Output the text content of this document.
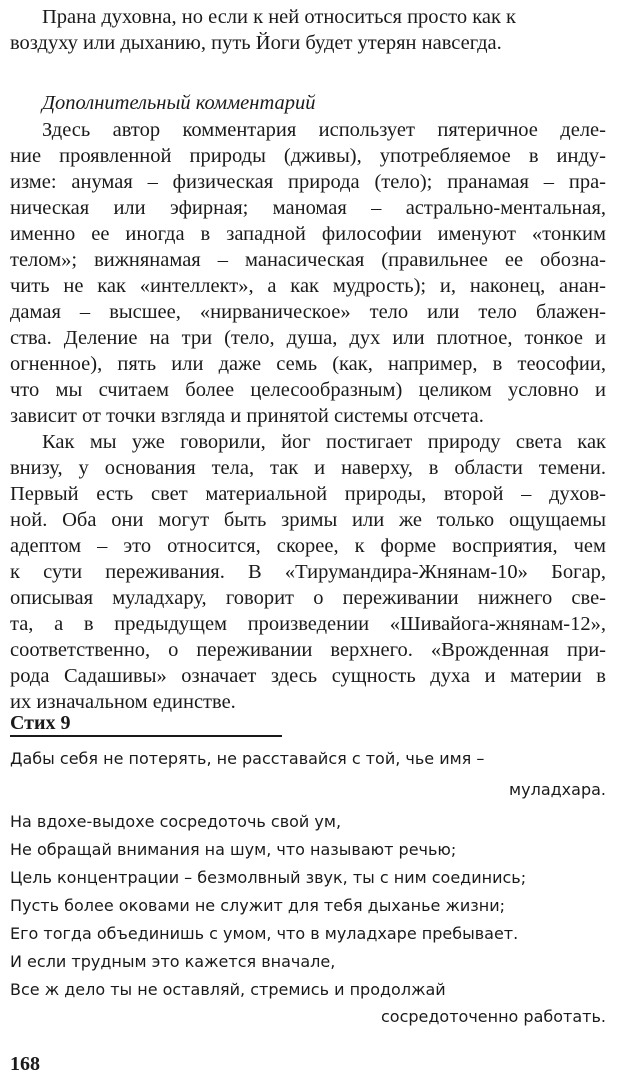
Прана духовна, но если к ней относиться просто как к
воздуху или дыханию, путь Йоги будет утерян навсегда.
Дополнительный комментарий
Здесь автор комментария использует пятеричное деле-
ние проявленной природы (дживы), употребляемое в инду-
изме: анумая – физическая природа (тело); пранамая – пра-
ническая или эфирная; маномая – астрально-ментальная,
именно ее иногда в западной философии именуют «тонким
телом»; вижнянамая – манасическая (правильнее ее обозна-
чить не как «интеллект», а как мудрость); и, наконец, анан-
дамая – высшее, «нирваническое» тело или тело блажен-
ства. Деление на три (тело, душа, дух или плотное, тонкое и
огненное), пять или даже семь (как, например, в теософии,
что мы считаем более целесообразным) целиком условно и
зависит от точки взгляда и принятой системы отсчета.
Как мы уже говорили, йог постигает природу света как
внизу, у основания тела, так и наверху, в области темени.
Первый есть свет материальной природы, второй – духов-
ной. Оба они могут быть зримы или же только ощущаемы
адептом – это относится, скорее, к форме восприятия, чем
к сути переживания. В «Тирумандира-Жнянам-10» Богар,
описывая муладхару, говорит о переживании нижнего све-
та, а в предыдущем произведении «Шивайога-жнянам-12»,
соответственно, о переживании верхнего. «Врожденная при-
рода Садашивы» означает здесь сущность духа и материи в
их изначальном единстве.
Стих 9
Дабы себя не потерять, не расставайся с той, чье имя –
муладхара.
На вдохе-выдохе сосредоточь свой ум,
Не обращай внимания на шум, что называют речью;
Цель концентрации – безмолвный звук, ты с ним соединись;
Пусть более оковами не служит для тебя дыханье жизни;
Его тогда объединишь с умом, что в муладхаре пребывает.
И если трудным это кажется вначале,
Все ж дело ты не оставляй, стремись и продолжай
сосредоточенно работать.
168
